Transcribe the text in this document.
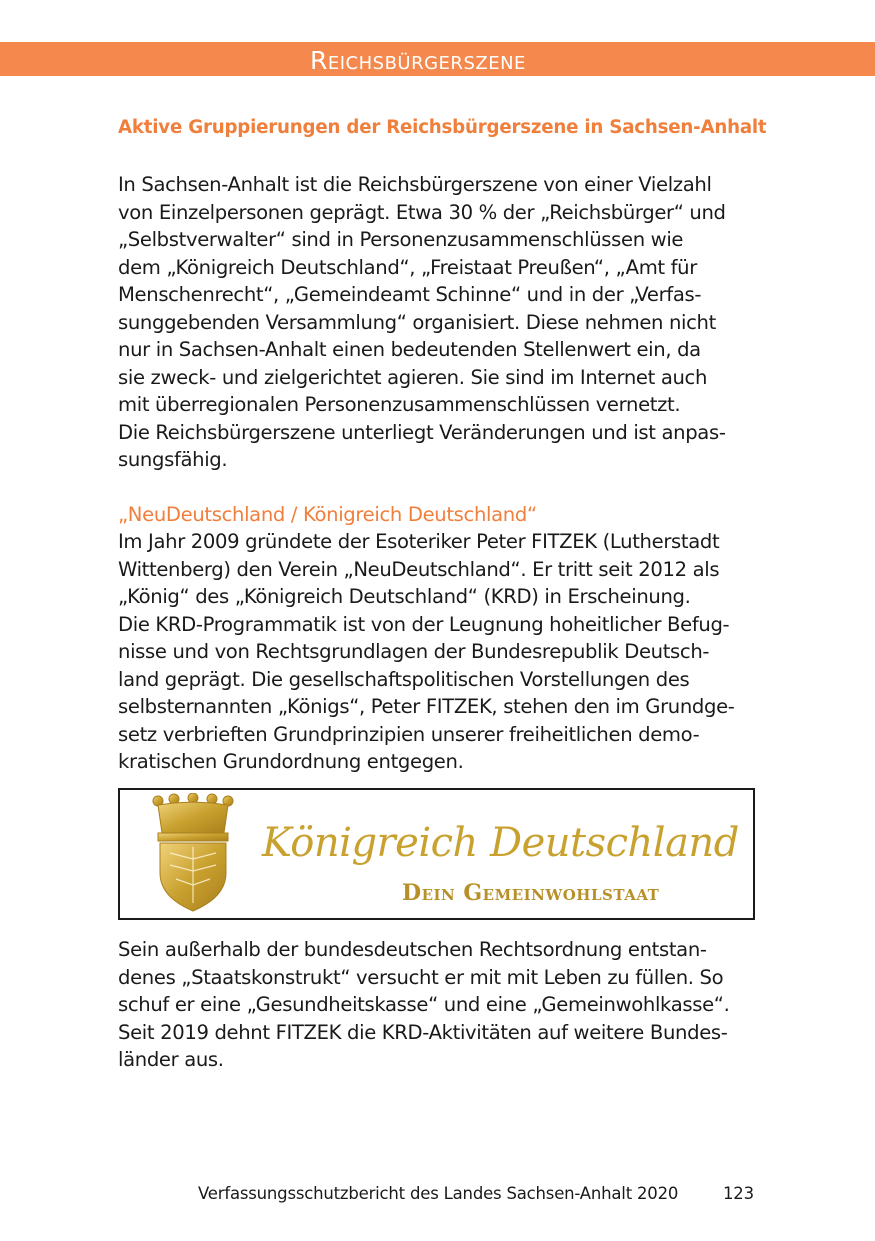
Reichsbürgerszene
Aktive Gruppierungen der Reichsbürgerszene in Sachsen-Anhalt

In Sachsen-Anhalt ist die Reichsbürgerszene von einer Vielzahl
von Einzelpersonen geprägt. Etwa 30 % der „Reichsbürger“ und
„Selbstverwalter“ sind in Personenzusammenschlüssen wie
dem „Königreich Deutschland“, „Freistaat Preußen“, „Amt für
Menschenrecht“, „Gemeindeamt Schinne“ und in der „Verfas-
sunggebenden Versammlung“ organisiert. Diese nehmen nicht
nur in Sachsen-Anhalt einen bedeutenden Stellenwert ein, da
sie zweck- und zielgerichtet agieren. Sie sind im Internet auch
mit überregionalen Personenzusammenschlüssen vernetzt.
Die Reichsbürgerszene unterliegt Veränderungen und ist anpas-
sungsfähig.

„NeuDeutschland / Königreich Deutschland“

Im Jahr 2009 gründete der Esoteriker Peter FITZEK (Lutherstadt
Wittenberg) den Verein „NeuDeutschland“. Er tritt seit 2012 als
„König“ des „Königreich Deutschland“ (KRD) in Erscheinung.
Die KRD-Programmatik ist von der Leugnung hoheitlicher Befug-
nisse und von Rechtsgrundlagen der Bundesrepublik Deutsch-
land geprägt. Die gesellschaftspolitischen Vorstellungen des
selbsternannten „Königs“, Peter FITZEK, stehen den im Grundge-
setz verbrieften Grundprinzipien unserer freiheitlichen demo-
kratischen Grundordnung entgegen.

Königreich Deutschland
Dein Gemeinwohlstaat

Sein außerhalb der bundesdeutschen Rechtsordnung entstan-
denes „Staatskonstrukt“ versucht er mit mit Leben zu füllen. So
schuf er eine „Gesundheitskasse“ und eine „Gemeinwohlkasse“.
Seit 2019 dehnt FITZEK die KRD-Aktivitäten auf weitere Bundes-
länder aus.

Verfassungsschutzbericht des Landes Sachsen-Anhalt 2020	123
